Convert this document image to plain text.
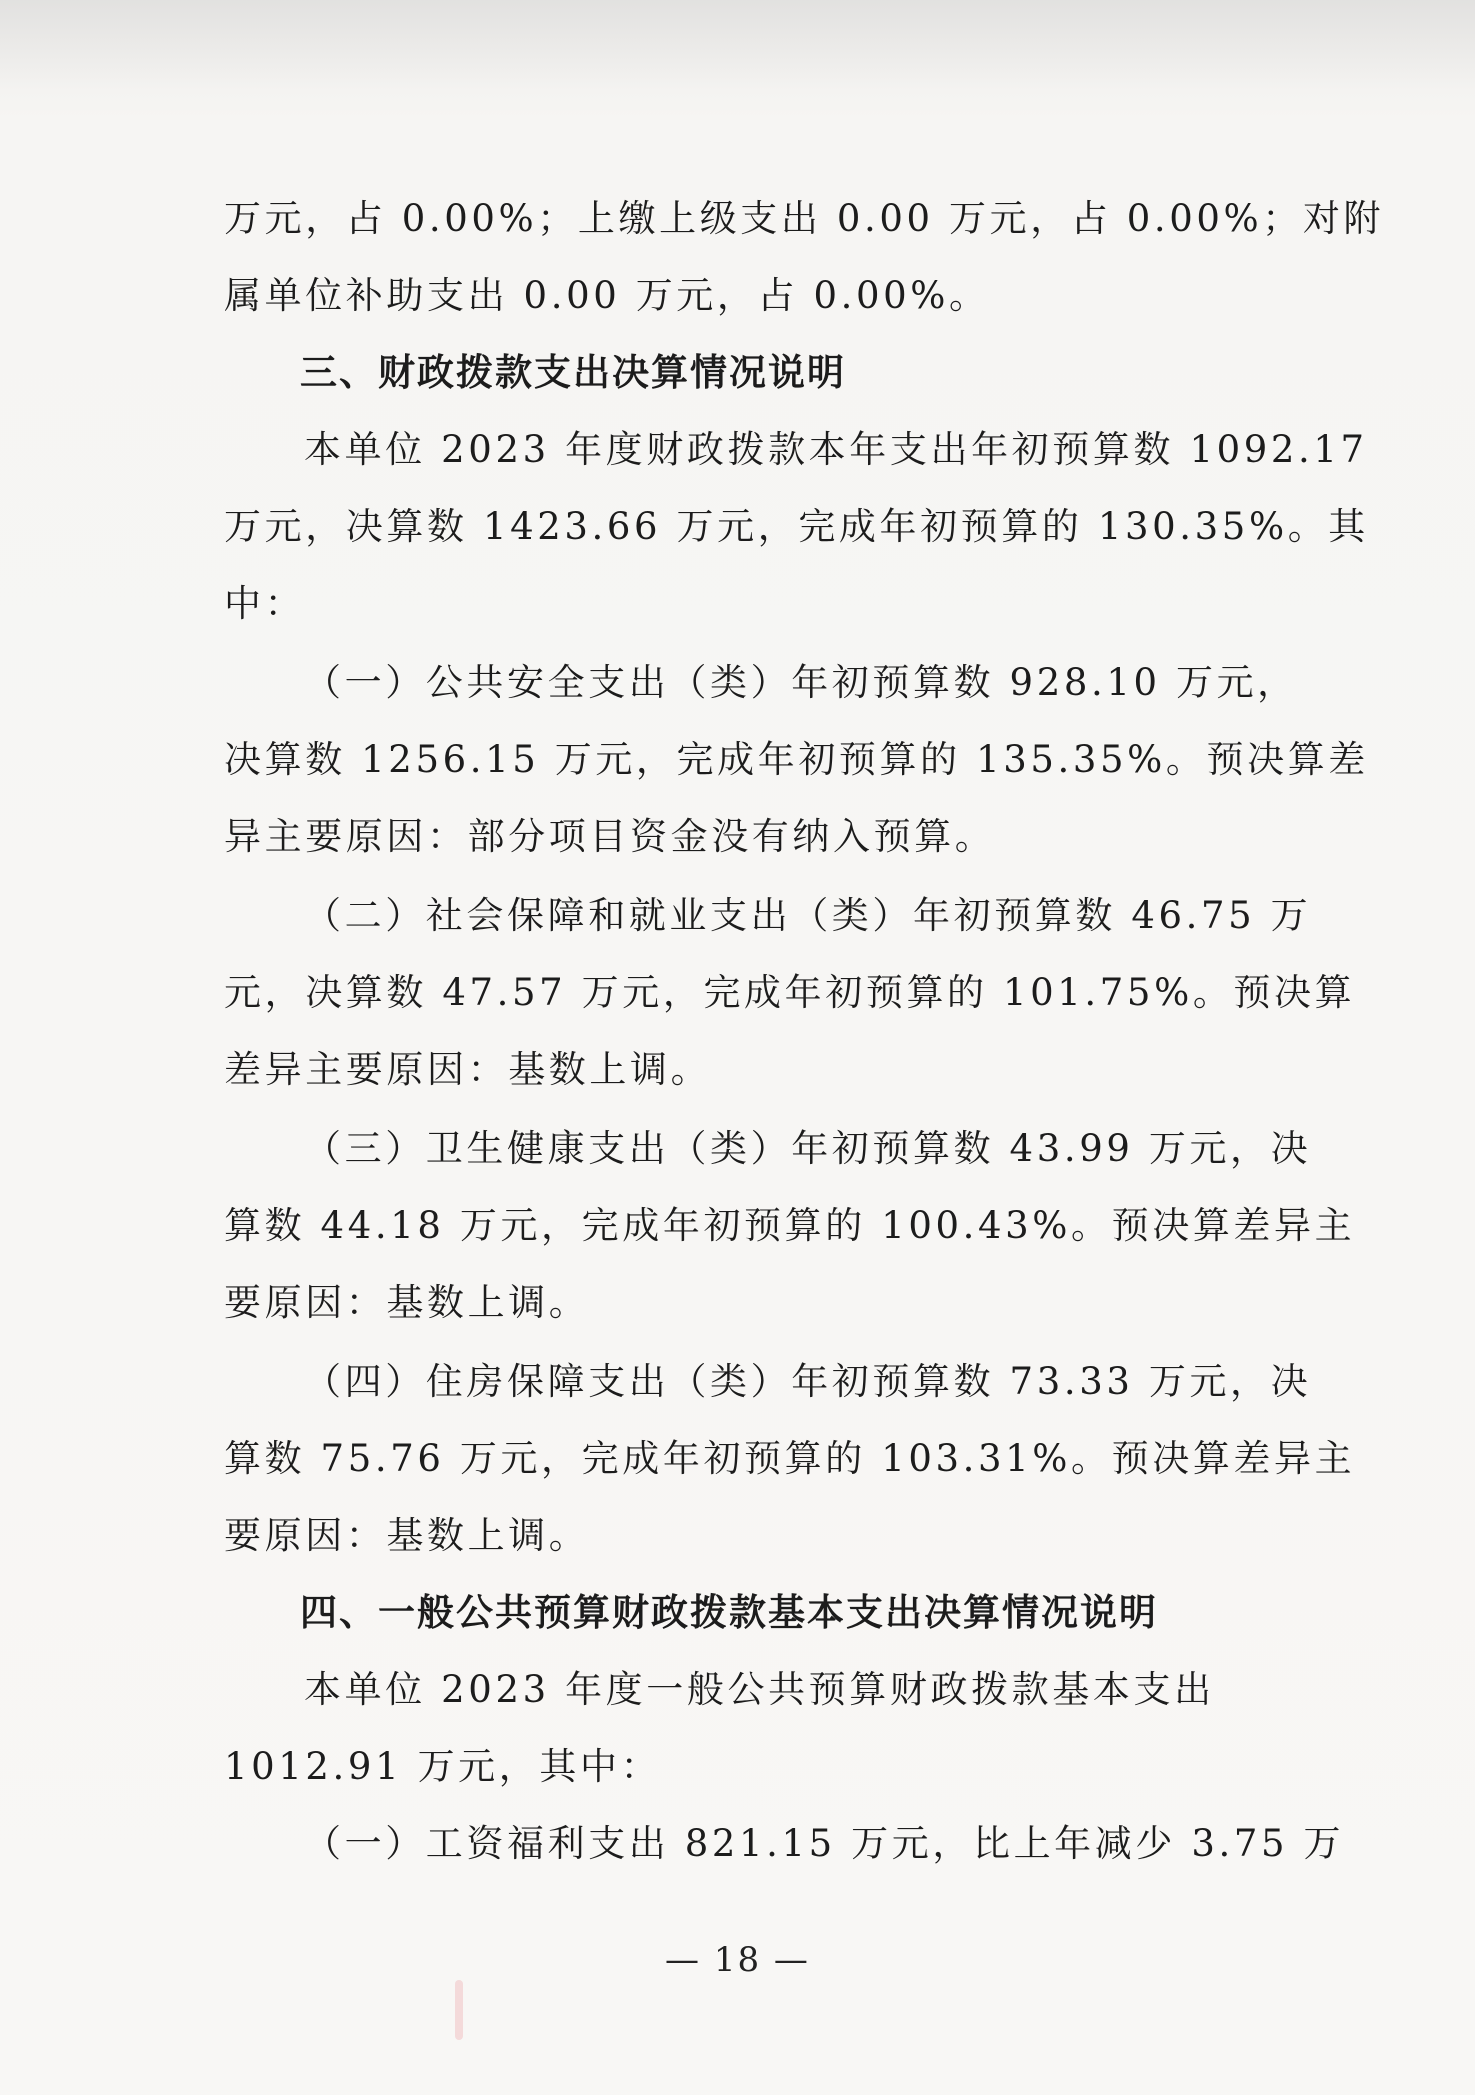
万元，占 0.00%；上缴上级支出 0.00 万元，占 0.00%；对附
属单位补助支出 0.00 万元，占 0.00%。
三、财政拨款支出决算情况说明
本单位 2023 年度财政拨款本年支出年初预算数 1092.17
万元，决算数 1423.66 万元，完成年初预算的 130.35%。其
中：
（一）公共安全支出（类）年初预算数 928.10 万元，
决算数 1256.15 万元，完成年初预算的 135.35%。预决算差
异主要原因：部分项目资金没有纳入预算。
（二）社会保障和就业支出（类）年初预算数 46.75 万
元，决算数 47.57 万元，完成年初预算的 101.75%。预决算
差异主要原因：基数上调。
（三）卫生健康支出（类）年初预算数 43.99 万元，决
算数 44.18 万元，完成年初预算的 100.43%。预决算差异主
要原因：基数上调。
（四）住房保障支出（类）年初预算数 73.33 万元，决
算数 75.76 万元，完成年初预算的 103.31%。预决算差异主
要原因：基数上调。
四、一般公共预算财政拨款基本支出决算情况说明
本单位 2023 年度一般公共预算财政拨款基本支出
1012.91 万元，其中：
（一）工资福利支出 821.15 万元，比上年减少 3.75 万
— 18 —
